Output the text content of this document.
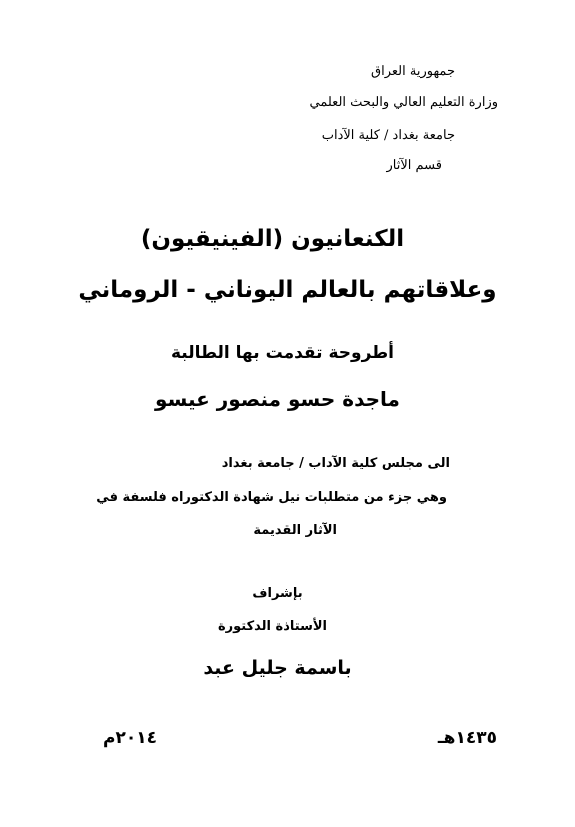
جمهورية العراق
وزارة التعليم العالي والبحث العلمي
جامعة بغداد / كلية الآداب
قسم الآثار
الكنعانيون (الفينيقيون)
وعلاقاتهم بالعالم اليوناني - الروماني
أطروحة تقدمت بها الطالبة
ماجدة حسو منصور عيسو
الى مجلس كلية الآداب / جامعة بغداد
وهي جزء من متطلبات نيل شهادة الدكتوراه فلسفة في
الآثار القديمة
بإشراف
الأستاذة الدكتورة
باسمة جليل عبد
١٤٣٥هـ
٢٠١٤م
